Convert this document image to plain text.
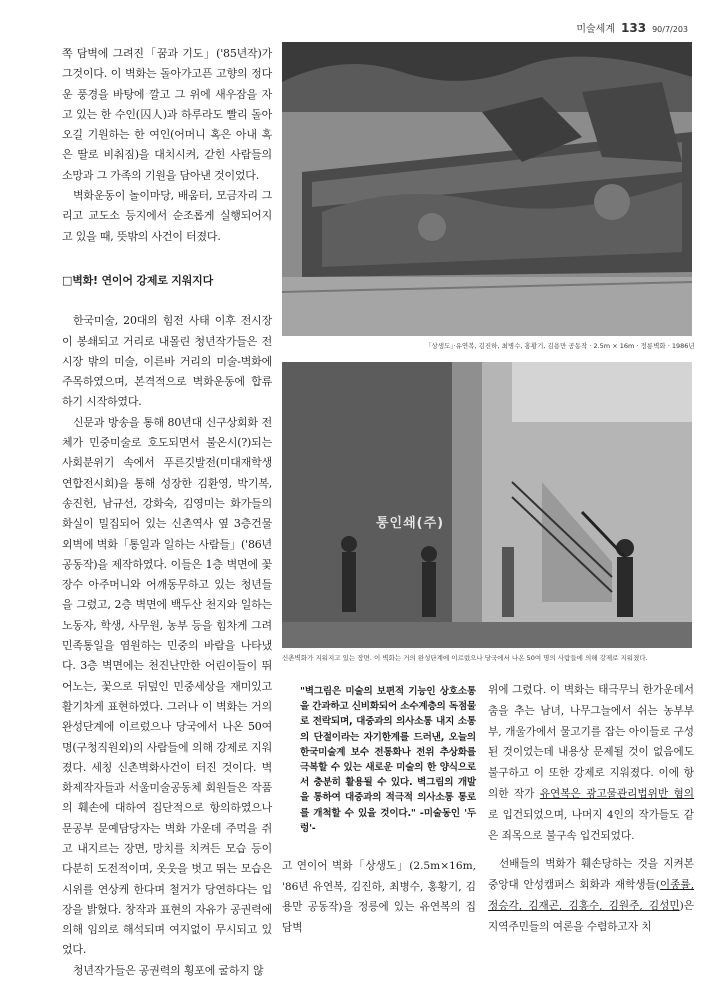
미술세계 133 90/7/203

쪽 담벽에 그려진「꿈과 기도」('85년작)가 그것이다. 이 벽화는 돌아가고픈 고향의 정다운 풍경을 바탕에 깔고 그 위에 새우잠을 자고 있는 한 수인(囚人)과 하루라도 빨리 돌아오길 기원하는 한 여인(어머니 혹은 아내 혹은 딸로 비춰짐)을 대치시켜, 갇힌 사람들의 소망과 그 가족의 기원을 담아낸 것이었다.

벽화운동이 놀이마당, 배움터, 모금자리 그리고 교도소 등지에서 순조롭게 실행되어지고 있을 때, 뜻밖의 사건이 터졌다.

□벽화! 연이어 강제로 지워지다

한국미술, 20대의 힘전 사태 이후 전시장이 봉쇄되고 거리로 내몰린 청년작가들은 전시장 밖의 미술, 이른바 거리의 미술-벽화에 주목하였으며, 본격적으로 벽화운동에 합류하기 시작하였다.

신문과 방송을 통해 80년대 신구상회화 전체가 민중미술로 호도되면서 불온시(?)되는 사회분위기 속에서 푸른깃발전(미대재학생 연합전시회)을 통해 성장한 김환영, 박기복, 송진헌, 남규선, 강화숙, 김영미는 화가들의 화실이 밀집되어 있는 신촌역사 옆 3층건물 외벽에 벽화「통일과 일하는 사람들」('86년 공동작)을 제작하였다. 이들은 1층 벽면에 꽃장수 아주머니와 어깨동무하고 있는 청년들을 그렸고, 2층 벽면에 백두산 천지와 일하는 노동자, 학생, 사무원, 농부 등을 힘차게 그려 민족통일을 염원하는 민중의 바람을 나타냈다. 3층 벽면에는 천진난만한 어린이들이 뛰어노는, 꽃으로 뒤덮인 민중세상을 재미있고 활기차게 표현하였다. 그러나 이 벽화는 거의 완성단계에 이르렀으나 당국에서 나온 50여 명(구청직원외)의 사람들에 의해 강제로 지워졌다. 세칭 신촌벽화사건이 터진 것이다. 벽화제작자들과 서울미술공동체 회원들은 작품의 훼손에 대하여 집단적으로 항의하였으나 문공부 문예담당자는 벽화 가운데 주먹을 쥐고 내지르는 장면, 망치를 치켜든 모습 등이 다분히 도전적이며, 옷웃을 벗고 뛰는 모습은 시위를 연상케 한다며 철거가 당연하다는 입장을 밝혔다. 창작과 표현의 자유가 공권력에 의해 임의로 해석되며 여지없이 무시되고 있었다.

청년작가들은 공권력의 횡포에 굴하지 않

「상생도」·유연복, 김진하, 최병수, 홍황기, 김용만 공동작 · 2.5m × 16m · 정릉벽화 · 1986년
통인쇄(주)
신촌벽화가 지워지고 있는 장면. 이 벽화는 거의 완성단계에 이르렀으나 당국에서 나온 50여 명의 사람들에 의해 강제로 지워졌다.
"벽그림은 미술의 보편적 기능인 상호소통을 간과하고 신비화되어 소수계층의 독점물로 전락되며, 대중과의 의사소통 내지 소통의 단절이라는 자기한계를 드러낸, 오늘의 한국미술계 보수 전통화나 전위 추상화를 극복할 수 있는 새로운 미술의 한 양식으로서 충분히 활용될 수 있다. 벽그림의 개발을 통하여 대중과의 적극적 의사소통 통로를 개척할 수 있을 것이다." -미술동인 '두렁'-
고 연이어 벽화「상생도」(2.5m×16m, '86년 유연복, 김진하, 최병수, 홍황기, 김용만 공동작)을 정릉에 있는 유연복의 집 담벽

위에 그렸다. 이 벽화는 태극무늬 한가운데서 춤을 추는 남녀, 나무그늘에서 쉬는 농부부부, 개울가에서 물고기를 잡는 아이들로 구성된 것이었는데 내용상 문제될 것이 없음에도 불구하고 이 또한 강제로 지워졌다. 이에 항의한 작가 유연복은 광고물관리법위반 혐의로 입건되었으며, 나머지 4인의 작가들도 같은 죄목으로 불구속 입건되었다.

선배들의 벽화가 훼손당하는 것을 지켜본 중앙대 안성캠퍼스 회화과 재학생들(이종률, 정승각, 김재곤, 김홍수, 김원주, 김성민)은 지역주민들의 여론을 수렴하고자 치
